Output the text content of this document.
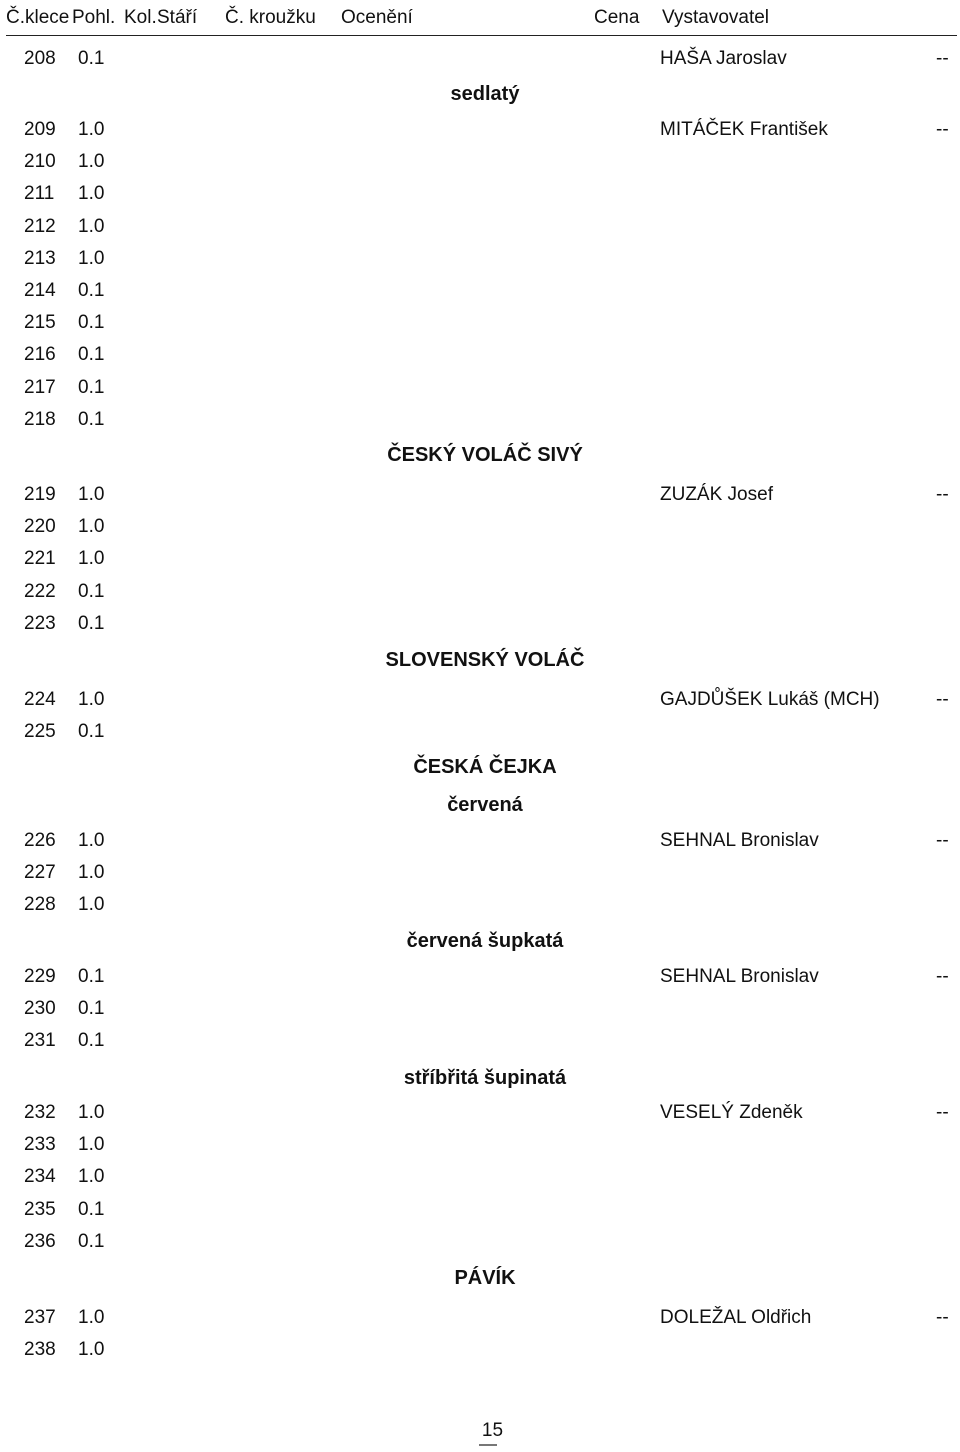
Č.klece Pohl. Kol. Stáří Č. kroužku Ocenění	Cena Vystavovatel
208 0.1	HAŠA Jaroslav	--
sedlatý
209 1.0	MITÁČEK František	--
210 1.0
211 1.0
212 1.0
213 1.0
214 0.1
215 0.1
216 0.1
217 0.1
218 0.1
ČESKÝ VOLÁČ SIVÝ
219 1.0	ZUZÁK Josef	--
220 1.0
221 1.0
222 0.1
223 0.1
SLOVENSKÝ VOLÁČ
224 1.0	GAJDŮŠEK Lukáš (MCH)	--
225 0.1
ČESKÁ ČEJKA
červená
226 1.0	SEHNAL Bronislav	--
227 1.0
228 1.0
červená šupkatá
229 0.1	SEHNAL Bronislav	--
230 0.1
231 0.1
stříbřitá šupinatá
232 1.0	VESELÝ Zdeněk	--
233 1.0
234 1.0
235 0.1
236 0.1
PÁVÍK
237 1.0	DOLEŽAL Oldřich	--
238 1.0
15
